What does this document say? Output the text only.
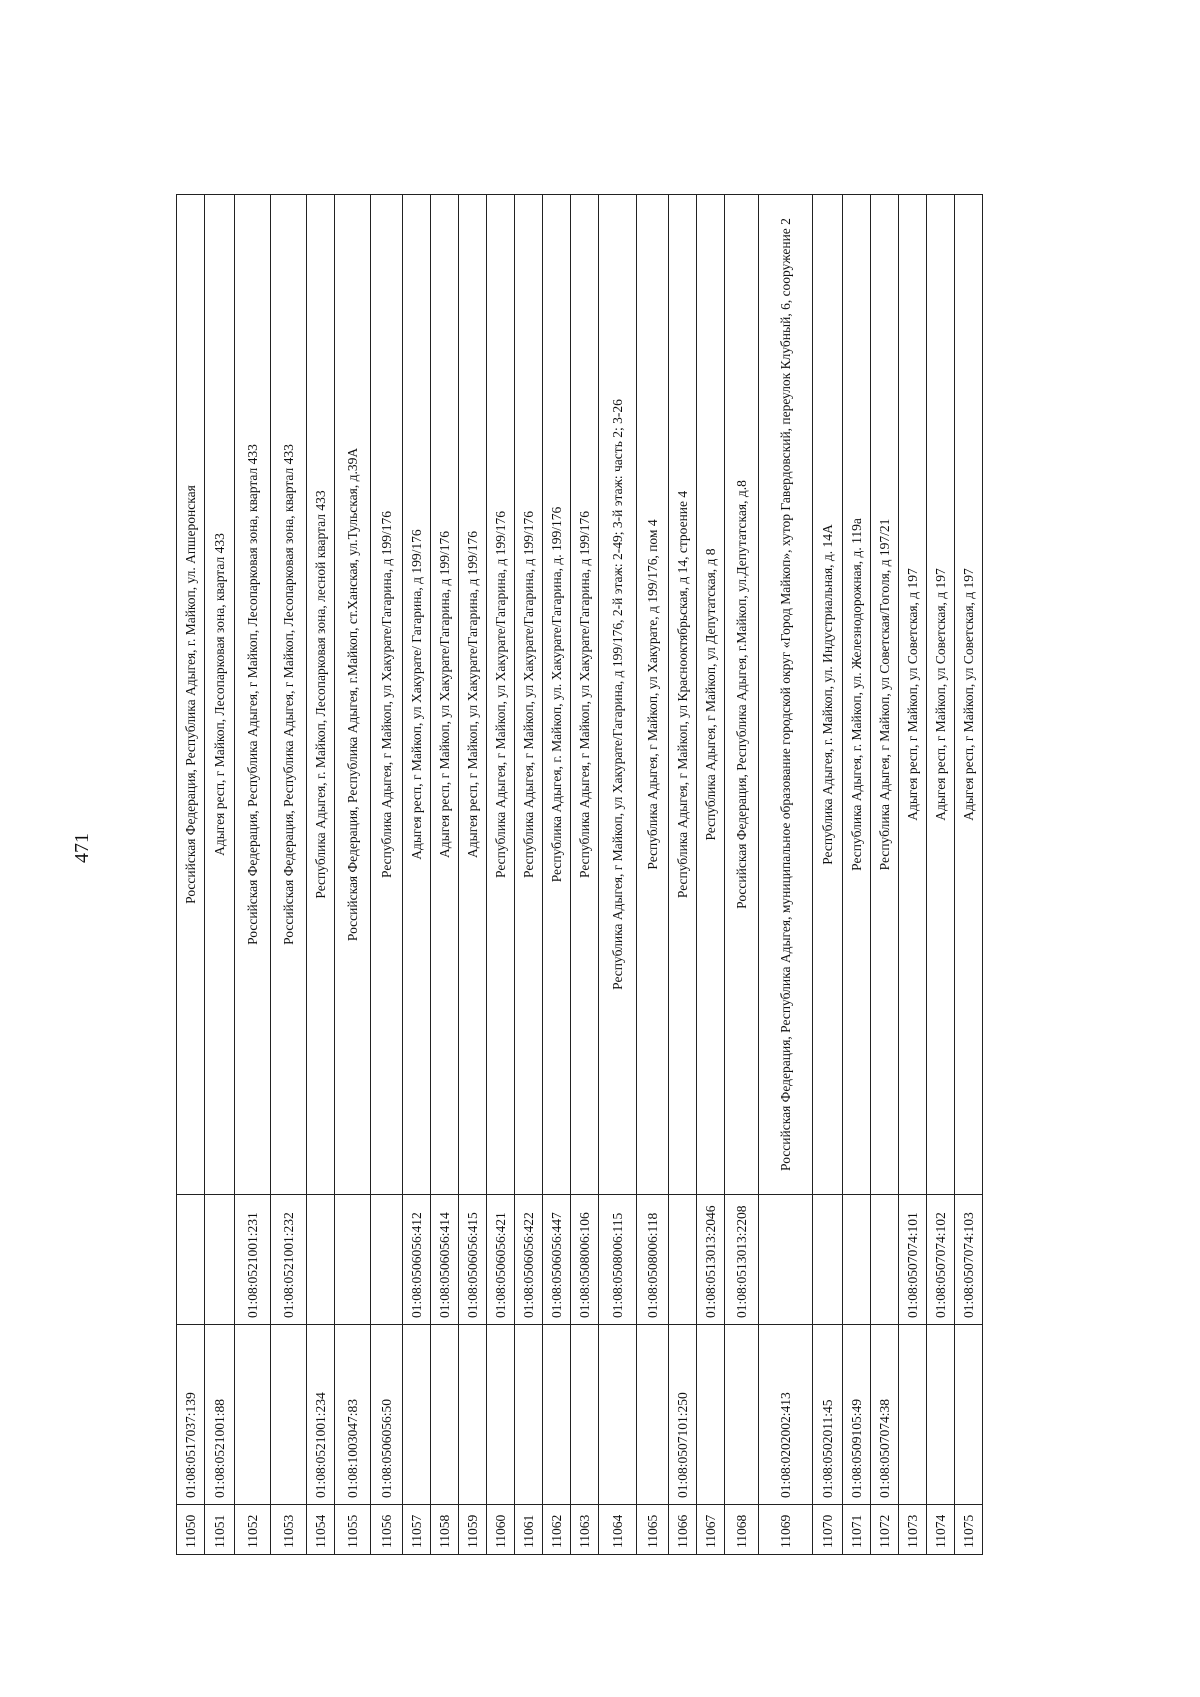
471
11050	01:08:0517037:139		Российская Федерация, Республика Адыгея, г. Майкоп, ул. Апшеронская
11051	01:08:0521001:88		Адыгея респ, г Майкоп, Лесопарковая зона, квартал 433
11052		01:08:0521001:231	Российская Федерация, Республика Адыгея, г Майкоп, Лесопарковая зона, квартал 433
11053		01:08:0521001:232	Российская Федерация, Республика Адыгея, г Майкоп, Лесопарковая зона, квартал 433
11054	01:08:0521001:234		Республика Адыгея, г. Майкоп, Лесопарковая зона, лесной квартал 433
11055	01:08:1003047:83		Российская Федерация, Республика Адыгея, г.Майкоп, ст.Ханская, ул.Тульская, д.39А
11056	01:08:0506056:50		Республика Адыгея, г Майкоп, ул Хакурате/Гагарина, д 199/176
11057		01:08:0506056:412	Адыгея респ, г Майкоп, ул Хакурате/ Гагарина, д 199/176
11058		01:08:0506056:414	Адыгея респ, г Майкоп, ул Хакурате/Гагарина, д 199/176
11059		01:08:0506056:415	Адыгея респ, г Майкоп, ул Хакурате/Гагарина, д 199/176
11060		01:08:0506056:421	Республика Адыгея, г Майкоп, ул Хакурате/Гагарина, д 199/176
11061		01:08:0506056:422	Республика Адыгея, г Майкоп, ул Хакурате/Гагарина, д 199/176
11062		01:08:0506056:447	Республика Адыгея, г. Майкоп, ул. Хакурате/Гагарина, д. 199/176
11063		01:08:0508006:106	Республика Адыгея, г Майкоп, ул Хакурате/Гагарина, д 199/176
11064		01:08:0508006:115	Республика Адыгея, г Майкоп, ул Хакурате/Гагарина, д 199/176, 2-й этаж: 2-49; 3-й этаж: часть 2; 3-26
11065		01:08:0508006:118	Республика Адыгея, г Майкоп, ул Хакурате, д 199/176, пом 4
11066	01:08:0507101:250		Республика Адыгея, г Майкоп, ул Краснооктябрьская, д 14, строение 4
11067		01:08:0513013:2046	Республика Адыгея, г Майкоп, ул Депутатская, д 8
11068		01:08:0513013:2208	Российская Федерация, Республика Адыгея, г.Майкоп, ул.Депутатская, д.8
11069	01:08:0202002:413		Российская Федерация, Республика Адыгея, муниципальное образование городской округ «Город Майкоп», хутор Гавердовский, переулок Клубный, 6, сооружение 2
11070	01:08:0502011:45		Республика Адыгея, г. Майкоп, ул. Индустриальная, д. 14А
11071	01:08:0509105:49		Республика Адыгея, г. Майкоп, ул. Железнодорожная, д. 119а
11072	01:08:0507074:38		Республика Адыгея, г Майкоп, ул Советская/Гоголя, д 197/21
11073		01:08:0507074:101	Адыгея респ, г Майкоп, ул Советская, д 197
11074		01:08:0507074:102	Адыгея респ, г Майкоп, ул Советская, д 197
11075		01:08:0507074:103	Адыгея респ, г Майкоп, ул Советская, д 197
